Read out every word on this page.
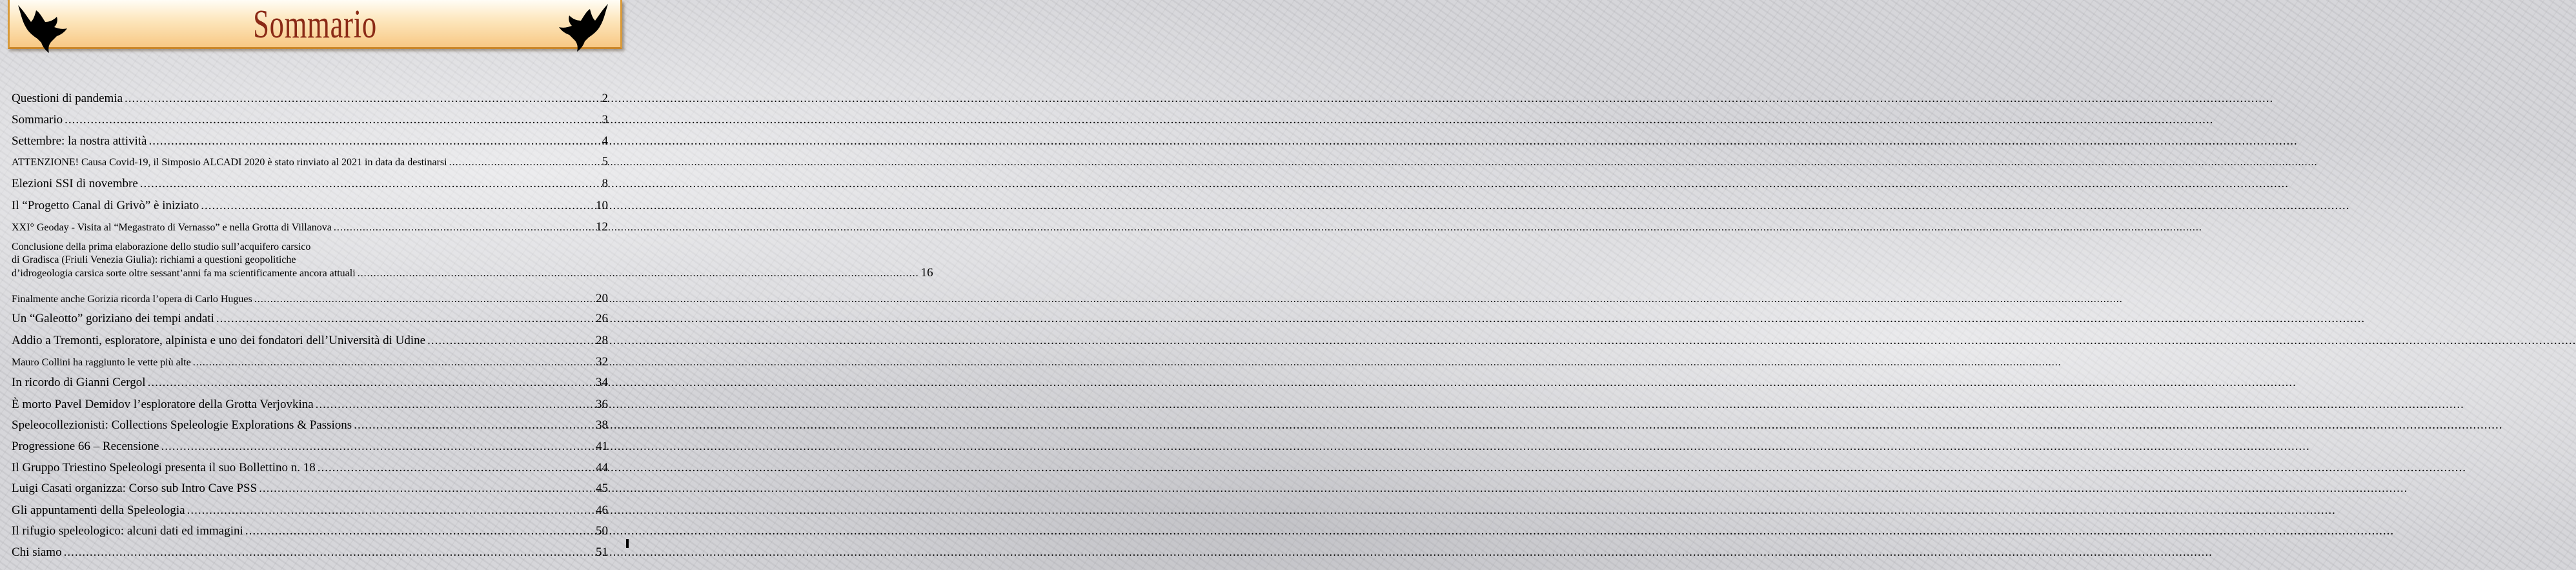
Sommario
Questioni di pandemia .....	2
Sommario .....	3
Settembre: la nostra attività .....	4
ATTENZIONE! Causa Covid-19, il Simposio ALCADI 2020 è stato rinviato al 2021 in data da destinarsi .....	5
Elezioni SSI di novembre .....	8
Il “Progetto Canal di Grivò” è iniziato .....	10
XXI° Geoday - Visita al “Megastrato di Vernasso” e nella Grotta di Villanova .....	12
Conclusione della prima elaborazione dello studio sull’acquifero carsico
di Gradisca (Friuli Venezia Giulia): richiami a questioni geopolitiche
d’idrogeologia carsica sorte oltre sessant’anni fa ma scientificamente ancora attuali .............................................................................................................................................................................. 16
Finalmente anche Gorizia ricorda l’opera di Carlo Hugues .....	20
Un “Galeotto” goriziano dei tempi andati .....	26
Addio a Tremonti, esploratore, alpinista e uno dei fondatori dell’Università di Udine .....	28
Mauro Collini ha raggiunto le vette più alte .....	32
In ricordo di Gianni Cergol .....	34
È morto Pavel Demidov l’esploratore della Grotta Verjovkina .....	36
Speleocollezionisti: Collections Speleologie Explorations & Passions .....	38
Progressione 66 – Recensione .....	41
Il Gruppo Triestino Speleologi presenta il suo Bollettino n. 18 .....	44
Luigi Casati organizza: Corso sub Intro Cave PSS .....	45
Gli appuntamenti della Speleologia .....	46
Il rifugio speleologico: alcuni dati ed immagini .....	50
Chi siamo .....	51
